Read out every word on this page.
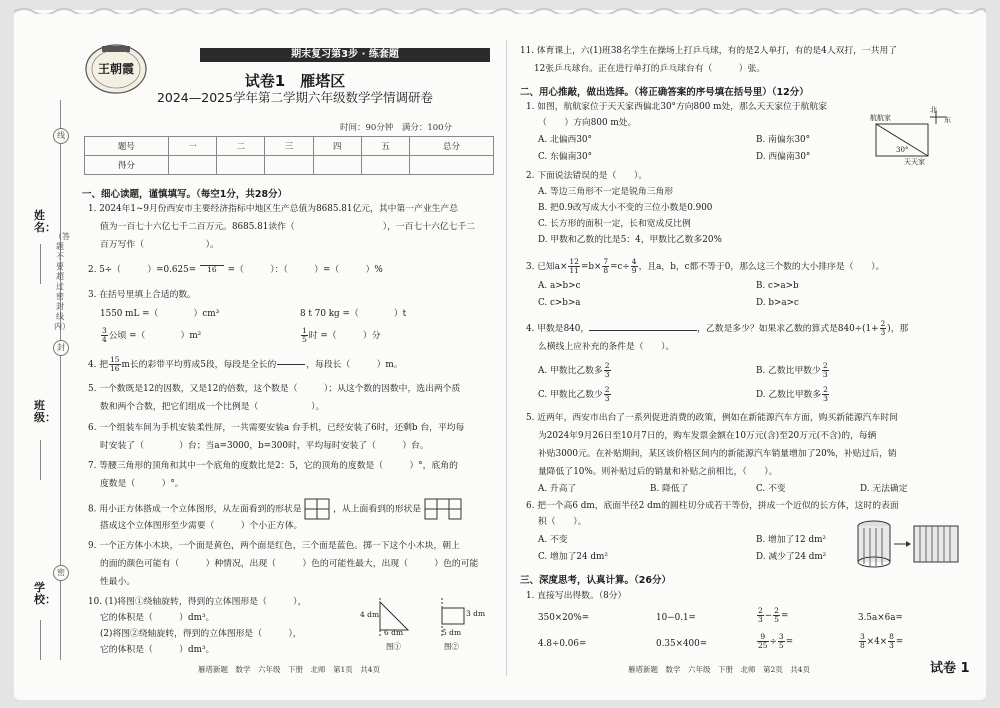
线
封
密
（答题不要超过密封线内）
姓名：
班级：
学校：
王朝霞
期末复习第3步 · 练套题
试卷1　雁塔区
2024—2025学年第二学期六年级数学学情调研卷
时间：90分钟　满分：100分
题号	一	二	三	四	五	总分
得分						
一、细心读题，谨慎填写。（每空1分，共28分）
1. 2024年1~9月份西安市主要经济指标中地区生产总值为8685.81亿元，其中第一产业生产总
值为一百七十六亿七千二百万元。8685.81读作（　　　　　　　　　　），一百七十六亿七千二
百万写作（　　　　　　　）。
2. 5÷（　　　）=0.625=	16	=（　　　）：（　　　）=（　　　）%
3. 在括号里填上合适的数。
1550 mL =（　　　　）cm³	8 t 70 kg =（　　　　）t
$\frac{3}{4}$ 公顷 =（　　　　）m²	$\frac{1}{5}$ 时 =（　　　）分
4. 把 $\frac{15}{16}$ m长的彩带平均剪成5段，每段是全长的	，每段长（　　　）m。
5. 一个数既是12的因数，又是12的倍数，这个数是（　　　）；从这个数的因数中，选出两个质
数和两个合数，把它们组成一个比例是（　　　　　　）。
6. 一个组装车间为手机安装柔性屏，一共需要安装a 台手机，已经安装了6时，还剩b 台，平均每
时安装了（　　　　）台；当a=3000，b=300时，平均每时安装了（　　　）台。
7. 等腰三角形的顶角和其中一个底角的度数比是2：5，它的顶角的度数是（　　　）°，底角的
度数是（　　　）°。
8. 用小正方体搭成一个立体图形，从左面看到的形状是	，从上面看到的形状是
搭成这个立体图形至少需要（　　　）个小正方体。
9. 一个正方体小木块，一个面是黄色，两个面是红色，三个面是蓝色。掷一下这个小木块，朝上
的面的颜色可能有（　　　）种情况，出现（　　　）色的可能性最大，出现（　　　）色的可能
性最小。
10. (1)将图①绕轴旋转，得到的立体图形是（　　　），
它的体积是（　　　）dm³。
(2)将图②绕轴旋转，得到的立体图形是（　　　），
它的体积是（　　　）dm³。
4 dm
6 dm
图①
3 dm
5 dm
图②
雁塔新题　数学　六年级　下册　北师　第1页　共4页
11. 体育课上，六(1)班38名学生在操场上打乒乓球，有的是2人单打，有的是4人双打，一共用了
12张乒乓球台。正在进行单打的乒乓球台有（　　　）张。
二、用心推敲，做出选择。（将正确答案的序号填在括号里）（12分）
1. 如图，航航家位于天天家西偏北30°方向800 m处，那么天天家位于航航家
（　　）方向800 m处。
A. 北偏西30°	B. 南偏东30°
C. 东偏南30°	D. 西偏南30°
北
东
航航家
天天家
30°
2. 下面说法错误的是（　　）。
A. 等边三角形不一定是锐角三角形
B. 把0.9改写成大小不变的三位小数是0.900
C. 长方形的面积一定，长和宽成反比例
D. 甲数和乙数的比是5：4，甲数比乙数多20%
3. 已知$a\times \frac{12}{11} =b\times \frac{7}{8} =c\div \frac{4}{9}$ ，且a，b，c都不等于0，那么这三个数的大小排序是（　　）。
A. a>b>c	B. c>a>b
C. c>b>a	D. b>a>c
4. 甲数是840，	，乙数是多少？如果求乙数的算式是$840\div(1+ \frac{2}{3}$ )，那
么横线上应补充的条件是（　　）。
A. 甲数比乙数多 $\frac{2}{3}$	B. 乙数比甲数少 $\frac{2}{3}$
C. 甲数比乙数少 $\frac{2}{3}$	D. 乙数比甲数多 $\frac{2}{3}$
5. 近两年，西安市出台了一系列促进消费的政策，例如在新能源汽车方面，购买新能源汽车时间
为2024年9月26日至10月7日的，购车发票金额在10万元(含)至20万元(不含)的，每辆
补贴3000元。在补贴期间，某区该价格区间内的新能源汽车销量增加了20%，补贴过后，销
量降低了10%。则补贴过后的销量和补贴之前相比，（　　）。
A. 升高了	B. 降低了	C. 不变	D. 无法确定
6. 把一个高6 dm，底面半径2 dm的圆柱切分成若干等份，拼成一个近似的长方体，这时的表面
积（　　）。
A. 不变	B. 增加了12 dm²
C. 增加了24 dm²	D. 减少了24 dm²
三、深度思考，认真计算。（26分）
1. 直接写出得数。（8分）
350×20%=	10−0.1=	$\frac{2}{3} - \frac{2}{5}$ =	3.5a×6a=
4.8÷0.06=	0.35×400=	$\frac{9}{25} \div \frac{3}{5}$ =	$\frac{3}{8} \times 4\times \frac{8}{3}$ =
雁塔新题　数学　六年级　下册　北师　第2页　共4页	试卷 1
